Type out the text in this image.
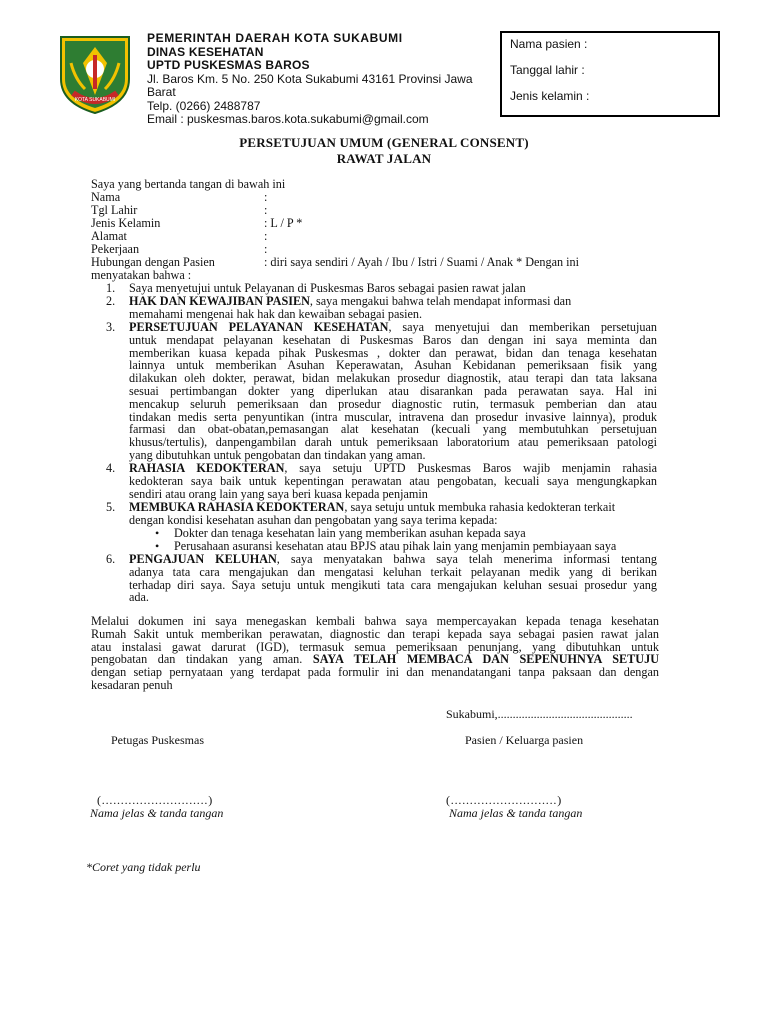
KOTA SUKABUMI
PEMERINTAH DAERAH KOTA SUKABUMI
DINAS KESEHATAN
UPTD PUSKESMAS BAROS
Jl. Baros Km. 5 No. 250 Kota Sukabumi 43161 Provinsi Jawa
Barat
Telp. (0266) 2488787
Email : puskesmas.baros.kota.sukabumi@gmail.com
Nama pasien :
Tanggal lahir :
Jenis kelamin :
PERSETUJUAN UMUM (GENERAL CONSENT)
RAWAT JALAN
Saya yang bertanda tangan di bawah ini
Nama	:
Tgl Lahir	:
Jenis Kelamin	: L / P *
Alamat	:
Pekerjaan	:
Hubungan dengan Pasien	: diri saya sendiri / Ayah / Ibu / Istri / Suami / Anak * Dengan ini
menyatakan bahwa :
1. Saya menyetujui untuk Pelayanan di Puskesmas Baros sebagai pasien rawat jalan
2. HAK DAN KEWAJIBAN PASIEN, saya mengakui bahwa telah mendapat informasi dan
memahami mengenai hak hak dan kewaiban sebagai pasien.
3. PERSETUJUAN PELAYANAN KESEHATAN, saya menyetujui dan memberikan persetujuan
untuk mendapat pelayanan kesehatan di Puskesmas Baros dan dengan ini saya meminta dan
memberikan kuasa kepada pihak Puskesmas , dokter dan perawat, bidan dan tenaga kesehatan
lainnya untuk memberikan Asuhan Keperawatan, Asuhan Kebidanan pemeriksaan fisik yang
dilakukan oleh dokter, perawat, bidan melakukan prosedur diagnostik, atau terapi dan tata laksana
sesuai pertimbangan dokter yang diperlukan atau disarankan pada perawatan saya. Hal ini
mencakup seluruh pemeriksaan dan prosedur diagnostic rutin, termasuk pemberian dan atau
tindakan medis serta penyuntikan (intra muscular, intravena dan prosedur invasive lainnya), produk
farmasi dan obat-obatan,pemasangan alat kesehatan (kecuali yang membutuhkan persetujuan
khusus/tertulis), danpengambilan darah untuk pemeriksaan laboratorium atau pemeriksaan patologi
yang dibutuhkan untuk pengobatan dan tindakan yang aman.
4. RAHASIA KEDOKTERAN, saya setuju UPTD Puskesmas Baros wajib menjamin rahasia
kedokteran saya baik untuk kepentingan perawatan atau pengobatan, kecuali saya mengungkapkan
sendiri atau orang lain yang saya beri kuasa kepada penjamin
5. MEMBUKA RAHASIA KEDOKTERAN, saya setuju untuk membuka rahasia kedokteran terkait
dengan kondisi kesehatan asuhan dan pengobatan yang saya terima kepada:
• Dokter dan tenaga kesehatan lain yang memberikan asuhan kepada saya
• Perusahaan asuransi kesehatan atau BPJS atau pihak lain yang menjamin pembiayaan saya
6. PENGAJUAN KELUHAN, saya menyatakan bahwa saya telah menerima informasi tentang
adanya tata cara mengajukan dan mengatasi keluhan terkait pelayanan medik yang di berikan
terhadap diri saya. Saya setuju untuk mengikuti tata cara mengajukan keluhan sesuai prosedur yang
ada.
Melalui dokumen ini saya menegaskan kembali bahwa saya mempercayakan kepada tenaga kesehatan
Rumah Sakit untuk memberikan perawatan, diagnostic dan terapi kepada saya sebagai pasien rawat jalan
atau instalasi gawat darurat (IGD), termasuk semua pemeriksaan penunjang, yang dibutuhkan untuk
pengobatan dan tindakan yang aman. SAYA TELAH MEMBACA DAN SEPENUHNYA SETUJU
dengan setiap pernyataan yang terdapat pada formulir ini dan menandatangani tanpa paksaan dan dengan
kesadaran penuh
Sukabumi,.............................................
Petugas Puskesmas	Pasien / Keluarga pasien
(............................)	(............................)
Nama jelas & tanda tangan	Nama jelas & tanda tangan
*Coret yang tidak perlu
